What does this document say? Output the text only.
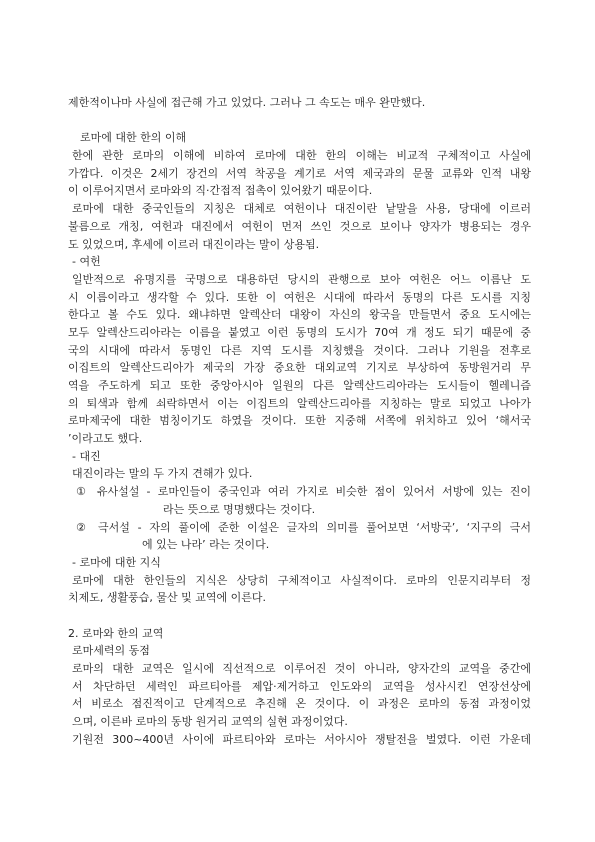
제한적이나마 사실에 접근해 가고 있었다. 그러나 그 속도는 매우 완만했다.

로마에 대한 한의 이해

한에 관한 로마의 이해에 비하여 로마에 대한 한의 이해는 비교적 구체적이고 사실에

가깝다. 이것은 2세기 장건의 서역 착공을 계기로 서역 제국과의 문물 교류와 인적 내왕

이 이루어지면서 로마와의 직·간접적 접촉이 있어왔기 때문이다.

로마에 대한 중국인들의 지칭은 대체로 여헌이나 대진이란 낱말을 사용, 당대에 이르러

불름으로 개칭, 여헌과 대진에서 여헌이 먼저 쓰인 것으로 보이나 양자가 병용되는 경우

도 있었으며, 후세에 이르러 대진이라는 말이 상용됨.

- 여헌

일반적으로 유명지를 국명으로 대용하던 당시의 관행으로 보아 여헌은 어느 이름난 도

시 이름이라고 생각할 수 있다. 또한 이 여헌은 시대에 따라서 동명의 다른 도시를 지칭

한다고 볼 수도 있다. 왜냐하면 알렉산더 대왕이 자신의 왕국을 만들면서 중요 도시에는

모두 알렉산드리아라는 이름을 붙였고 이런 동명의 도시가 70여 개 정도 되기 때문에 중

국의 시대에 따라서 동명인 다른 지역 도시를 지칭했을 것이다. 그러나 기원을 전후로

이집트의 알렉산드리아가 제국의 가장 중요한 대외교역 기지로 부상하여 동방원거리 무

역을 주도하게 되고 또한 중앙아시아 일원의 다른 알렉산드리아라는 도시들이 헬레니즘

의 퇴색과 함께 쇠락하면서 이는 이집트의 알렉산드리아를 지칭하는 말로 되었고 나아가

로마제국에 대한 범칭이기도 하였을 것이다. 또한 지중해 서쪽에 위치하고 있어 ‘해서국

’이라고도 했다.

- 대진

대진이라는 말의 두 가지 견해가 있다.

① 유사설설 - 로마인들이 중국인과 여러 가지로 비슷한 점이 있어서 서방에 있는 진이

라는 뜻으로 명명했다는 것이다.

② 극서설 - 자의 풀이에 준한 이설은 글자의 의미를 풀어보면 ‘서방국’, ‘지구의 극서

에 있는 나라’ 라는 것이다.

- 로마에 대한 지식

로마에 대한 한인들의 지식은 상당히 구체적이고 사실적이다. 로마의 인문지리부터 정

치제도, 생활풍습, 물산 및 교역에 이른다.

2. 로마와 한의 교역

로마세력의 동점

로마의 대한 교역은 일시에 직선적으로 이루어진 것이 아니라, 양자간의 교역을 중간에

서 차단하던 세력인 파르티아를 제압·제거하고 인도와의 교역을 성사시킨 연장선상에

서 비로소 점진적이고 단계적으로 추진해 온 것이다. 이 과정은 로마의 동점 과정이었

으며, 이른바 로마의 동방 원거리 교역의 실현 과정이었다.

기원전 300~400년 사이에 파르티아와 로마는 서아시아 쟁탈전을 벌였다. 이런 가운데
